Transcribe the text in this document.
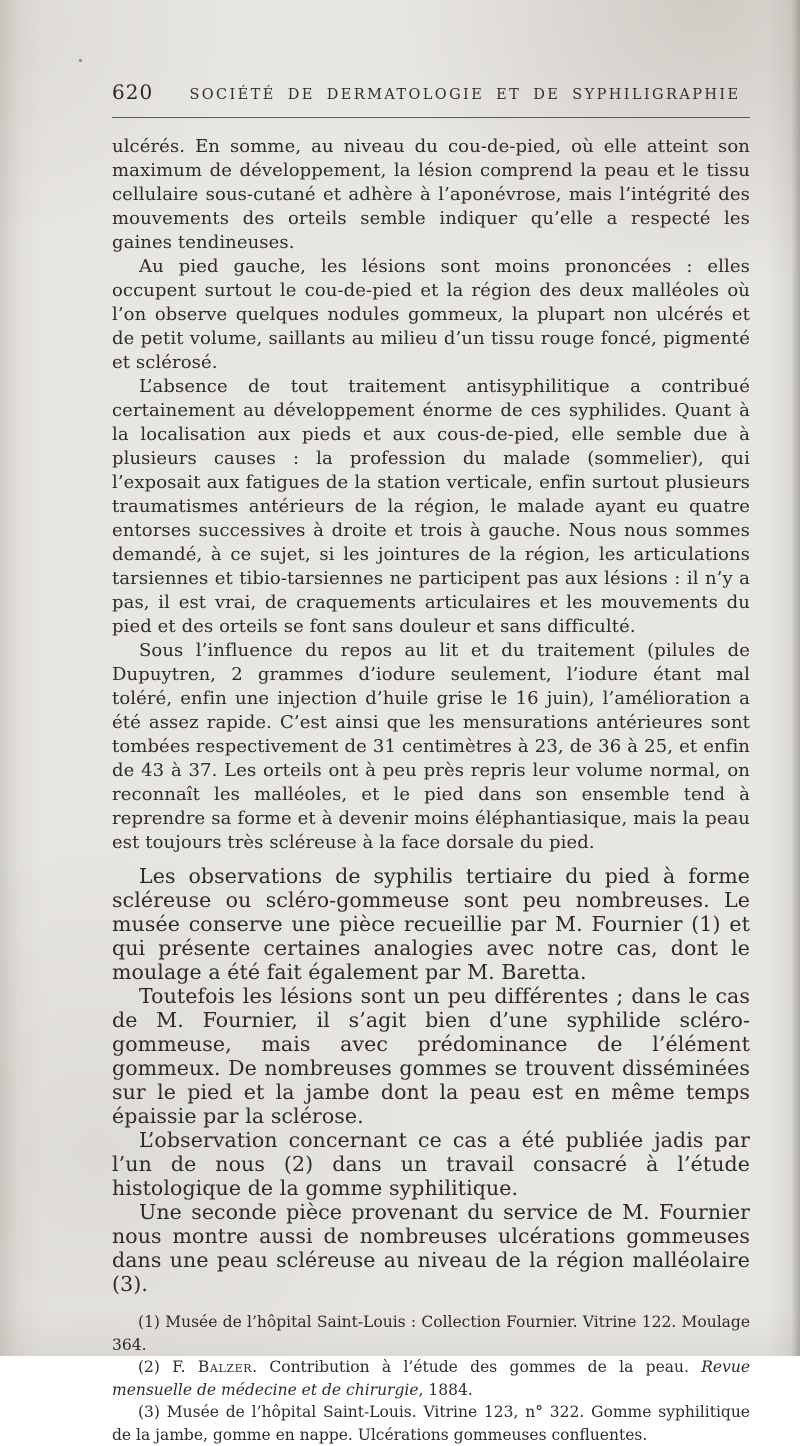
620	SOCIÉTÉ DE DERMATOLOGIE ET DE SYPHILIGRAPHIE

ulcérés. En somme, au niveau du cou-de-pied, où elle atteint son maximum de développement, la lésion comprend la peau et le tissu cellulaire sous-cutané et adhère à l’aponévrose, mais l’intégrité des mouvements des orteils semble indiquer qu’elle a respecté les gaines tendineuses.

Au pied gauche, les lésions sont moins prononcées : elles occupent surtout le cou-de-pied et la région des deux malléoles où l’on observe quelques nodules gommeux, la plupart non ulcérés et de petit volume, saillants au milieu d’un tissu rouge foncé, pigmenté et sclérosé.

L’absence de tout traitement antisyphilitique a contribué certainement au développement énorme de ces syphilides. Quant à la localisation aux pieds et aux cous-de-pied, elle semble due à plusieurs causes : la profession du malade (sommelier), qui l’exposait aux fatigues de la station verticale, enfin surtout plusieurs traumatismes antérieurs de la région, le malade ayant eu quatre entorses successives à droite et trois à gauche. Nous nous sommes demandé, à ce sujet, si les jointures de la région, les articulations tarsiennes et tibio-tarsiennes ne participent pas aux lésions : il n’y a pas, il est vrai, de craquements articulaires et les mouvements du pied et des orteils se font sans douleur et sans difficulté.

Sous l’influence du repos au lit et du traitement (pilules de Dupuytren, 2 grammes d’iodure seulement, l’iodure étant mal toléré, enfin une injection d’huile grise le 16 juin), l’amélioration a été assez rapide. C’est ainsi que les mensurations antérieures sont tombées respectivement de 31 centimètres à 23, de 36 à 25, et enfin de 43 à 37. Les orteils ont à peu près repris leur volume normal, on reconnaît les malléoles, et le pied dans son ensemble tend à reprendre sa forme et à devenir moins éléphantiasique, mais la peau est toujours très scléreuse à la face dorsale du pied.

Les observations de syphilis tertiaire du pied à forme scléreuse ou scléro-gommeuse sont peu nombreuses. Le musée conserve une pièce recueillie par M. Fournier (1) et qui présente certaines analogies avec notre cas, dont le moulage a été fait également par M. Baretta.

Toutefois les lésions sont un peu différentes ; dans le cas de M. Fournier, il s’agit bien d’une syphilide scléro-gommeuse, mais avec prédominance de l’élément gommeux. De nombreuses gommes se trouvent disséminées sur le pied et la jambe dont la peau est en même temps épaissie par la sclérose.

L’observation concernant ce cas a été publiée jadis par l’un de nous (2) dans un travail consacré à l’étude histologique de la gomme syphilitique.

Une seconde pièce provenant du service de M. Fournier nous montre aussi de nombreuses ulcérations gommeuses dans une peau scléreuse au niveau de la région malléolaire (3).

(1) Musée de l’hôpital Saint-Louis : Collection Fournier. Vitrine 122. Moulage 364.

(2) F. Balzer. Contribution à l’étude des gommes de la peau. Revue mensuelle de médecine et de chirurgie, 1884.

(3) Musée de l’hôpital Saint-Louis. Vitrine 123, n° 322. Gomme syphilitique de la jambe, gomme en nappe. Ulcérations gommeuses confluentes.
